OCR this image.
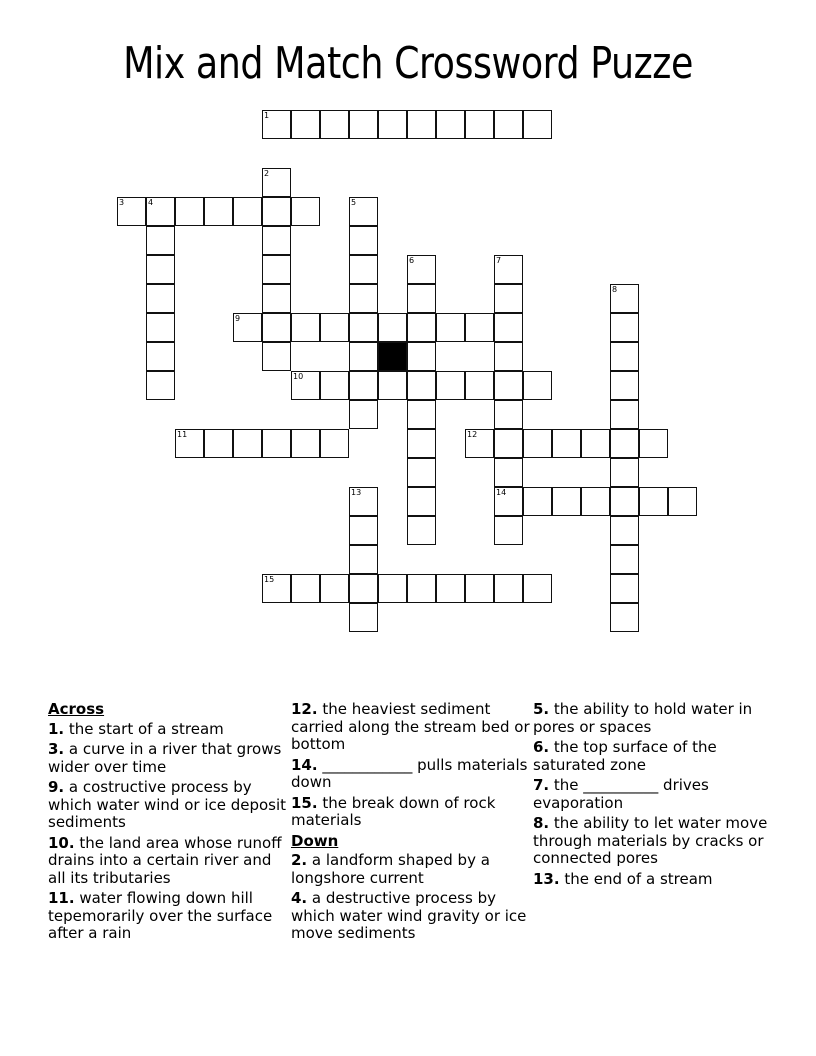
Mix and Match Crossword Puzze
1
2
3	4	5
6	7
14
8
9
10
11	12
13
15
Across
1. the start of a stream
3. a curve in a river that grows wider over time
9. a costructive process by which water wind or ice deposit sediments
10. the land area whose runoff drains into a certain river and all its tributaries
11. water flowing down hill tepemorarily over the surface after a rain
12. the heaviest sediment carried along the stream bed or bottom
14. ____________ pulls materials down
15. the break down of rock materials
Down
2. a landform shaped by a longshore current
4. a destructive process by which water wind gravity or ice move sediments
5. the ability to hold water in pores or spaces
6. the top surface of the saturated zone
7. the __________ drives evaporation
8. the ability to let water move through materials by cracks or connected pores
13. the end of a stream
